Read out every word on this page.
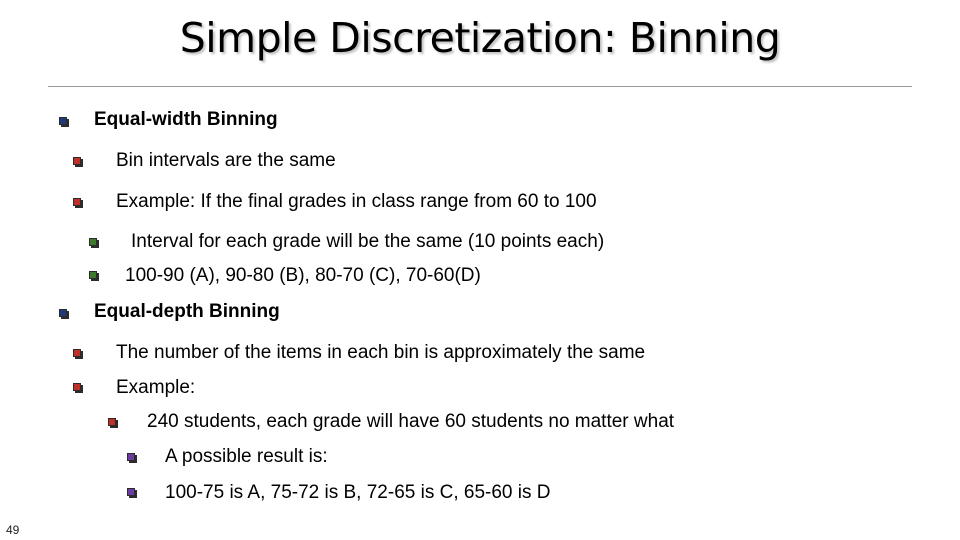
Simple Discretization: Binning
Equal-width Binning
Bin intervals are the same
Example: If the final grades in class range from 60 to 100
Interval for each grade will be the same (10 points each)
100-90 (A), 90-80 (B), 80-70 (C), 70-60(D)
Equal-depth Binning
The number of the items in each bin is approximately the same
Example:
240 students, each grade will have 60 students no matter what
A possible result is:
100-75 is A, 75-72 is B, 72-65 is C, 65-60 is D
49
